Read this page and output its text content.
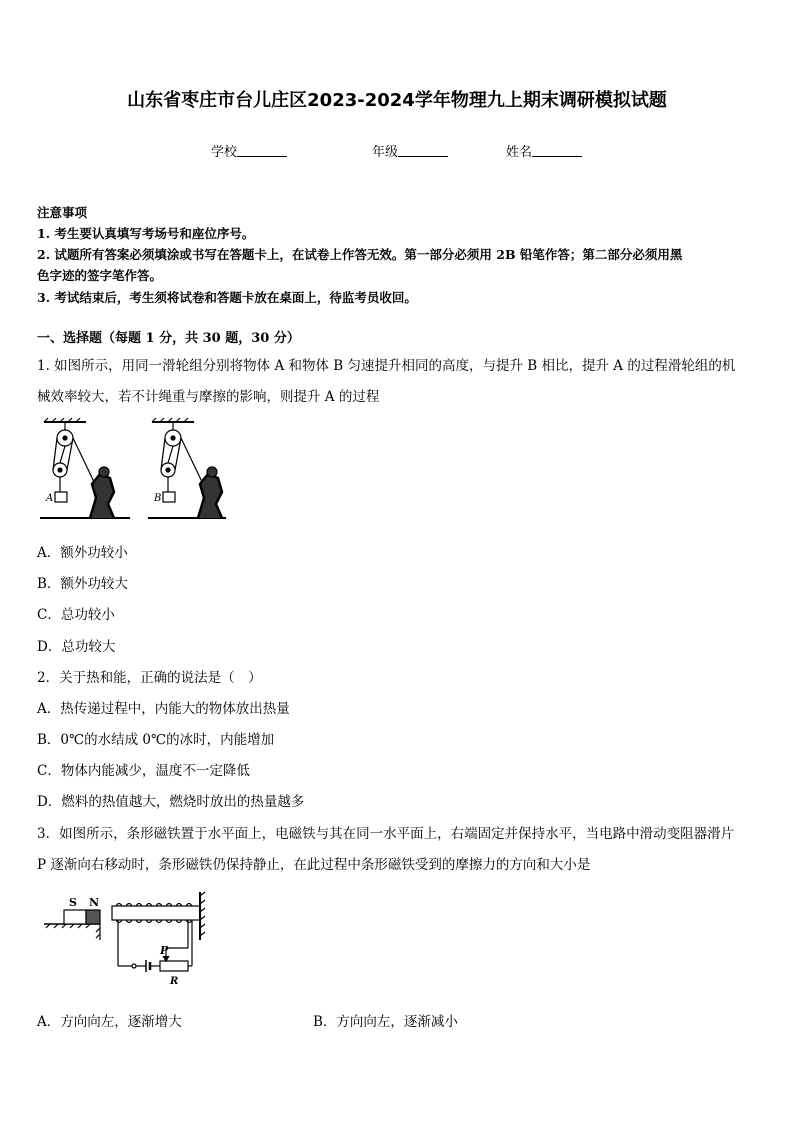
山东省枣庄市台儿庄区2023-2024学年物理九上期末调研模拟试题
学校	年级	姓名
注意事项
1. 考生要认真填写考场号和座位序号。
2. 试题所有答案必须填涂或书写在答题卡上，在试卷上作答无效。第一部分必须用 2B 铅笔作答；第二部分必须用黑
色字迹的签字笔作答。
3. 考试结束后，考生须将试卷和答题卡放在桌面上，待监考员收回。
一、选择题（每题 1 分，共 30 题，30 分）
1. 如图所示，用同一滑轮组分别将物体 A 和物体 B 匀速提升相同的高度，与提升 B 相比，提升 A 的过程滑轮组的机
械效率较大，若不计绳重与摩擦的影响，则提升 A 的过程
A	B
A．额外功较小
B．额外功较大
C．总功较小
D．总功较大
2．关于热和能，正确的说法是（　）
A．热传递过程中，内能大的物体放出热量
B．0℃的水结成 0℃的冰时，内能增加
C．物体内能减少，温度不一定降低
D．燃料的热值越大，燃烧时放出的热量越多
3．如图所示，条形磁铁置于水平面上，电磁铁与其在同一水平面上，右端固定并保持水平，当电路中滑动变阻器滑片
P 逐渐向右移动时，条形磁铁仍保持静止，在此过程中条形磁铁受到的摩擦力的方向和大小是
S N
P
R
A．方向向左，逐渐增大	B．方向向左，逐渐减小
